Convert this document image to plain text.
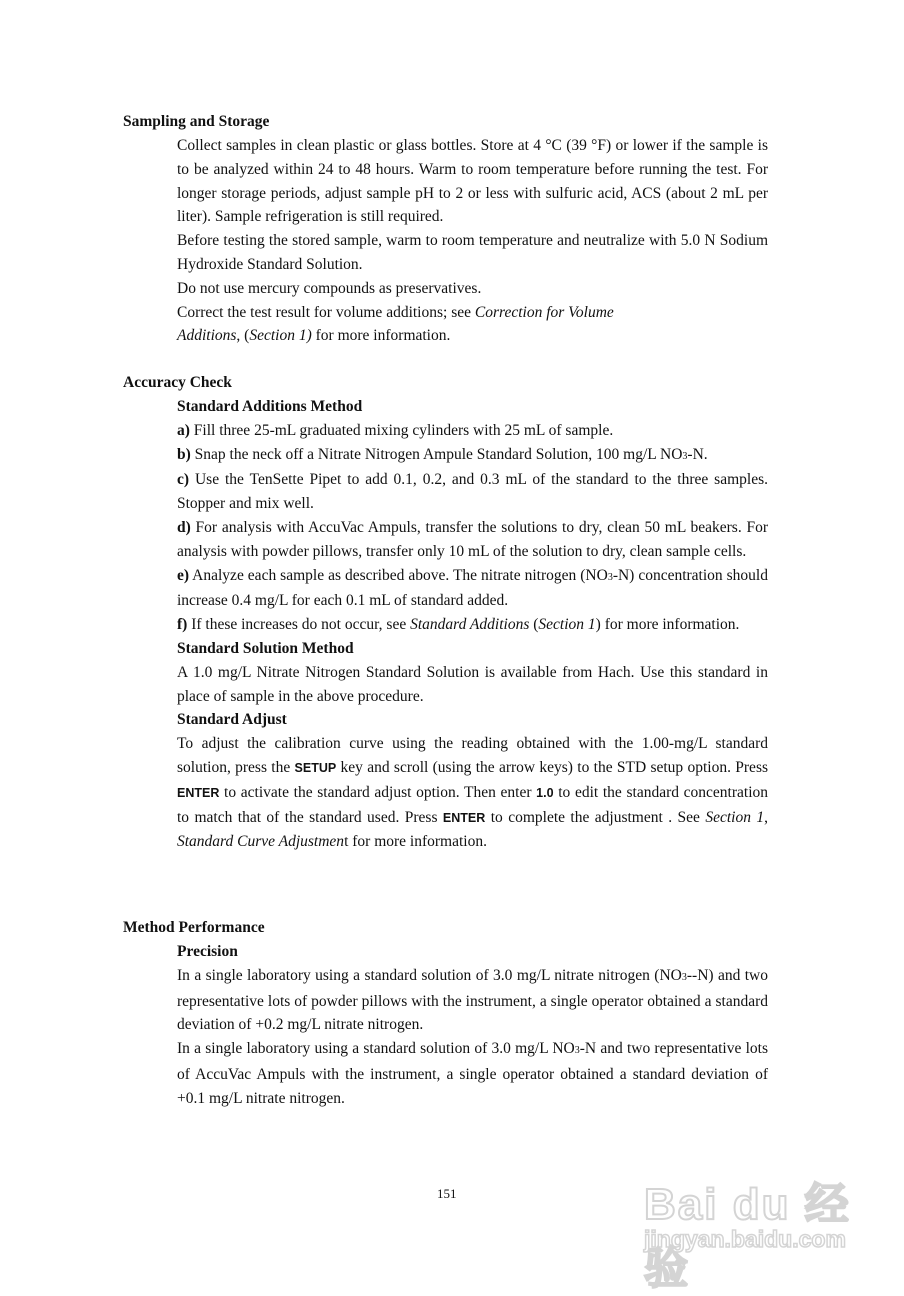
Sampling and Storage
Collect samples in clean plastic or glass bottles. Store at 4 °C (39 °F) or lower if the sample is to be analyzed within 24 to 48 hours. Warm to room temperature before running the test. For longer storage periods, adjust sample pH to 2 or less with sulfuric acid, ACS (about 2 mL per liter). Sample refrigeration is still required.
Before testing the stored sample, warm to room temperature and neutralize with 5.0 N Sodium Hydroxide Standard Solution.
Do not use mercury compounds as preservatives.
Correct the test result for volume additions; see Correction for Volume Additions, (Section 1) for more information.
Accuracy Check
Standard Additions Method
a) Fill three 25-mL graduated mixing cylinders with 25 mL of sample.
b) Snap the neck off a Nitrate Nitrogen Ampule Standard Solution, 100 mg/L NO3-N.
c) Use the TenSette Pipet to add 0.1, 0.2, and 0.3 mL of the standard to the three samples. Stopper and mix well.
d) For analysis with AccuVac Ampuls, transfer the solutions to dry, clean 50 mL beakers. For analysis with powder pillows, transfer only 10 mL of the solution to dry, clean sample cells.
e) Analyze each sample as described above. The nitrate nitrogen (NO3-N) concentration should increase 0.4 mg/L for each 0.1 mL of standard added.
f) If these increases do not occur, see Standard Additions (Section 1) for more information.
Standard Solution Method
A 1.0 mg/L Nitrate Nitrogen Standard Solution is available from Hach. Use this standard in place of sample in the above procedure.
Standard Adjust
To adjust the calibration curve using the reading obtained with the 1.00-mg/L standard solution, press the SETUP key and scroll (using the arrow keys) to the STD setup option. Press ENTER to activate the standard adjust option. Then enter 1.0 to edit the standard concentration to match that of the standard used. Press ENTER to complete the adjustment . See Section 1, Standard Curve Adjustment for more information.
Method Performance
Precision
In a single laboratory using a standard solution of 3.0 mg/L nitrate nitrogen (NO3--N) and two representative lots of powder pillows with the instrument, a single operator obtained a standard deviation of +0.2 mg/L nitrate nitrogen.
In a single laboratory using a standard solution of 3.0 mg/L NO3-N and two representative lots of AccuVac Ampuls with the instrument, a single operator obtained a standard deviation of +0.1 mg/L nitrate nitrogen.
151	Bai du 经验
jingyan.baidu.com
